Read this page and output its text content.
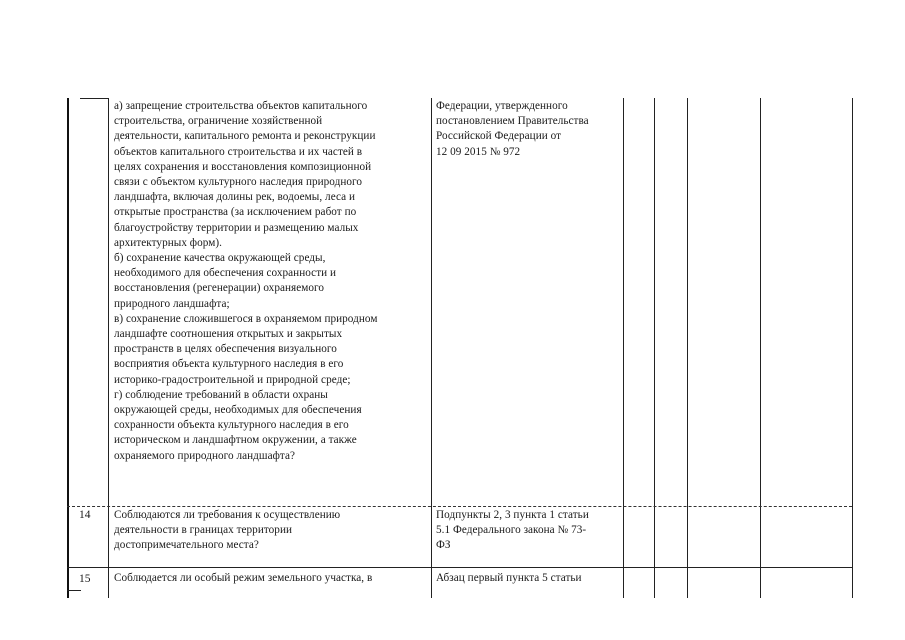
а) запрещение строительства объектов капитального

строительства, ограничение хозяйственной

деятельности, капитального ремонта и реконструкции

объектов капитального строительства и их частей в

целях сохранения и восстановления композиционной

связи с объектом культурного наследия природного

ландшафта, включая долины рек, водоемы, леса и

открытые пространства (за исключением работ по

благоустройству территории и размещению малых

архитектурных форм).

б) сохранение качества окружающей среды,

необходимого для обеспечения сохранности и

восстановления (регенерации) охраняемого

природного ландшафта;

в) сохранение сложившегося в охраняемом природном

ландшафте соотношения открытых и закрытых

пространств в целях обеспечения визуального

восприятия объекта культурного наследия в его

историко-градостроительной и природной среде;

г) соблюдение требований в области охраны

окружающей среды, необходимых для обеспечения

сохранности объекта культурного наследия в его

историческом и ландшафтном окружении, а также

охраняемого природного ландшафта?

Федерации, утвержденного

постановлением Правительства

Российской Федерации от

12 09 2015 № 972

14 Соблюдаются ли требования к осуществлению

деятельности в границах территории

достопримечательного места?

Подпункты 2, 3 пункта 1 статьи

5.1 Федерального закона № 73-

ФЗ

15 Соблюдается ли особый режим земельного участка, в	Абзац первый пункта 5 статьи
